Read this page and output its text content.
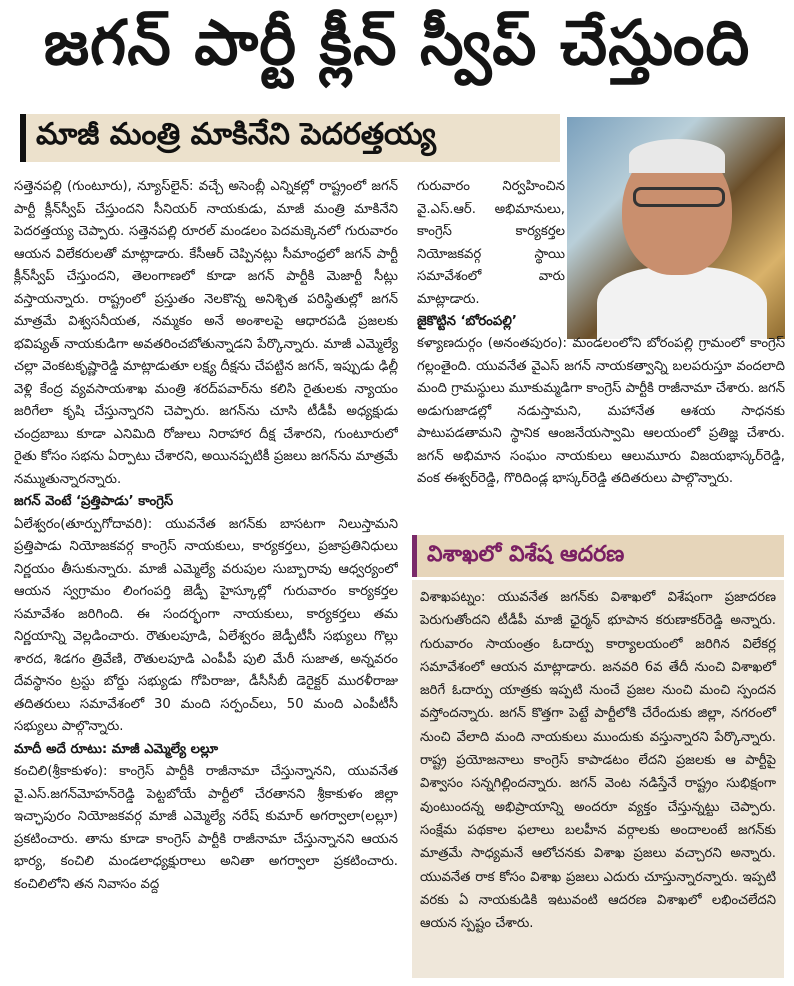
జగన్ పార్టీ క్లీన్ స్వీప్ చేస్తుంది
మాజీ మంత్రి మాకినేని పెదరత్తయ్య

సత్తెనపల్లి (గుంటూరు), న్యూస్‌లైన్: వచ్చే అసెంబ్లీ ఎన్నికల్లో రాష్ట్రంలో జగన్ పార్టీ క్లీన్‌స్వీప్ చేస్తుందని సీనియర్ నాయకుడు, మాజీ మంత్రి మాకినేని పెదరత్తయ్య చెప్పారు. సత్తెనపల్లి రూరల్ మండలం పెదమక్కెనలో గురువారం ఆయన విలేకరులతో మాట్లాడారు. కేసీఆర్ చెప్పినట్లు సీమాంధ్రలో జగన్ పార్టీ క్లీన్‌స్వీప్ చేస్తుందని, తెలంగాణలో కూడా జగన్ పార్టీకి మెజార్టీ సీట్లు వస్తాయన్నారు. రాష్ట్రంలో ప్రస్తుతం నెలకొన్న అనిశ్చిత పరిస్థితుల్లో జగన్ మాత్రమే విశ్వసనీయత, నమ్మకం అనే అంశాలపై ఆధారపడి ప్రజలకు భవిష్యత్ నాయకుడిగా అవతరించబోతున్నాడని పేర్కొన్నారు. మాజీ ఎమ్మెల్యే చల్లా వెంకటకృష్ణారెడ్డి మాట్లాడుతూ లక్ష్య దీక్షను చేపట్టిన జగన్, ఇప్పుడు ఢిల్లీ వెళ్లి కేంద్ర వ్యవసాయశాఖ మంత్రి శరద్‌పవార్‌ను కలిసి రైతులకు న్యాయం జరిగేలా కృషి చేస్తున్నారని చెప్పారు. జగన్‌ను చూసి టీడీపీ అధ్యక్షుడు చంద్రబాబు కూడా ఎనిమిది రోజులు నిరాహార దీక్ష చేశారని, గుంటూరులో రైతు కోసం సభను ఏర్పాటు చేశారని, అయినప్పటికీ ప్రజలు జగన్‌ను మాత్రమే నమ్ముతున్నారన్నారు.

జగన్ వెంటే ‘ప్రత్తిపాడు’ కాంగ్రెస్

ఏలేశ్వరం(తూర్పుగోదావరి): యువనేత జగన్‌కు బాసటగా నిలుస్తామని ప్రత్తిపాడు నియోజకవర్గ కాంగ్రెస్ నాయకులు, కార్యకర్తలు, ప్రజాప్రతినిధులు నిర్ణయం తీసుకున్నారు. మాజీ ఎమ్మెల్యే వరుపుల సుబ్బారావు ఆధ్వర్యంలో ఆయన స్వగ్రామం లింగంపర్తి జెడ్పీ హైస్కూల్లో గురువారం కార్యకర్తల సమావేశం జరిగింది. ఈ సందర్భంగా నాయకులు, కార్యకర్తలు తమ నిర్ణయాన్ని వెల్లడించారు. రౌతులపూడి, ఏలేశ్వరం జెడ్పీటీసీ సభ్యులు గొల్లు శారద, శిడగం త్రివేణి, రౌతులపూడి ఎంపీపీ పులి మేరీ సుజాత, అన్నవరం దేవస్థానం ట్రస్టు బోర్డు సభ్యుడు గోపిరాజు, డీసీసీబీ డెరైక్టర్ మురళీరాజు తదితరులు సమావేశంలో 30 మంది సర్పంచ్‌లు, 50 మంది ఎంపీటీసీ సభ్యులు పాల్గొన్నారు.

మాదీ అదే రూటు: మాజీ ఎమ్మెల్యే లల్లూ

కంచిలి(శ్రీకాకుళం): కాంగ్రెస్ పార్టీకి రాజీనామా చేస్తున్నానని, యువనేత వై.ఎస్.జగన్‌మోహన్‌రెడ్డి పెట్టబోయే పార్టీలో చేరతానని శ్రీకాకుళం జిల్లా ఇచ్ఛాపురం నియోజకవర్గ మాజీ ఎమ్మెల్యే నరేష్ కుమార్ అగర్వాలా(లల్లూ) ప్రకటించారు. తాను కూడా కాంగ్రెస్ పార్టీకి రాజీనామా చేస్తున్నానని ఆయన భార్య, కంచిలి మండలాధ్యక్షురాలు అనితా అగర్వాలా ప్రకటించారు. కంచిలిలోని తన నివాసం వద్ద

గురువారం నిర్వహించిన వై.ఎస్.ఆర్. అభిమానులు, కాంగ్రెస్ కార్యకర్తల నియోజకవర్గ స్థాయి సమావేశంలో వారు మాట్లాడారు.

జైకొట్టిన ‘బోరంపల్లి’

కళ్యాణదుర్గం (అనంతపురం): మండలంలోని బోరంపల్లి గ్రామంలో కాంగ్రెస్ గల్లంతైంది. యువనేత వైఎస్ జగన్ నాయకత్వాన్ని బలపరుస్తూ వందలాది మంది గ్రామస్థులు మూకుమ్మడిగా కాంగ్రెస్ పార్టీకి రాజీనామా చేశారు. జగన్ అడుగుజాడల్లో నడుస్తామని, మహానేత ఆశయ సాధనకు పాటుపడతామని స్థానిక ఆంజనేయస్వామి ఆలయంలో ప్రతిజ్ఞ చేశారు. జగన్ అభిమాన సంఘం నాయకులు ఆలుమూరు విజయభాస్కర్‌రెడ్డి, వంక ఈశ్వర్‌రెడ్డి, గొరిదిండ్ల భాస్కర్‌రెడ్డి తదితరులు పాల్గొన్నారు.

విశాఖలో విశేష ఆదరణ

విశాఖపట్నం: యువనేత జగన్‌కు విశాఖలో విశేషంగా ప్రజాదరణ పెరుగుతోందని టీడీపీ మాజీ ఛైర్మన్ భూపాన కరుణాకర్‌రెడ్డి అన్నారు. గురువారం సాయంత్రం ఓదార్పు కార్యాలయంలో జరిగిన విలేకర్ల సమావేశంలో ఆయన మాట్లాడారు. జనవరి 6వ తేదీ నుంచి విశాఖలో జరిగే ఓదార్పు యాత్రకు ఇప్పటి నుంచే ప్రజల నుంచి మంచి స్పందన వస్తోందన్నారు. జగన్ కొత్తగా పెట్టే పార్టీలోకి చేరేందుకు జిల్లా, నగరంలో నుంచి వేలాది మంది నాయకులు ముందుకు వస్తున్నారని పేర్కొన్నారు. రాష్ట్ర ప్రయోజనాలు కాంగ్రెస్ కాపాడటం లేదని ప్రజలకు ఆ పార్టీపై విశ్వాసం సన్నగిల్లిందన్నారు. జగన్ వెంట నడిస్తేనే రాష్ట్రం సుభిక్షంగా వుంటుందన్న అభిప్రాయాన్ని అందరూ వ్యక్తం చేస్తున్నట్టు చెప్పారు. సంక్షేమ పథకాల ఫలాలు బలహీన వర్గాలకు అందాలంటే జగన్‌కు మాత్రమే సాధ్యమనే ఆలోచనకు విశాఖ ప్రజలు వచ్చారని అన్నారు. యువనేత రాక కోసం విశాఖ ప్రజలు ఎదురు చూస్తున్నారన్నారు. ఇప్పటి వరకు ఏ నాయకుడికి ఇటువంటి ఆదరణ విశాఖలో లభించలేదని ఆయన స్పష్టం చేశారు.
